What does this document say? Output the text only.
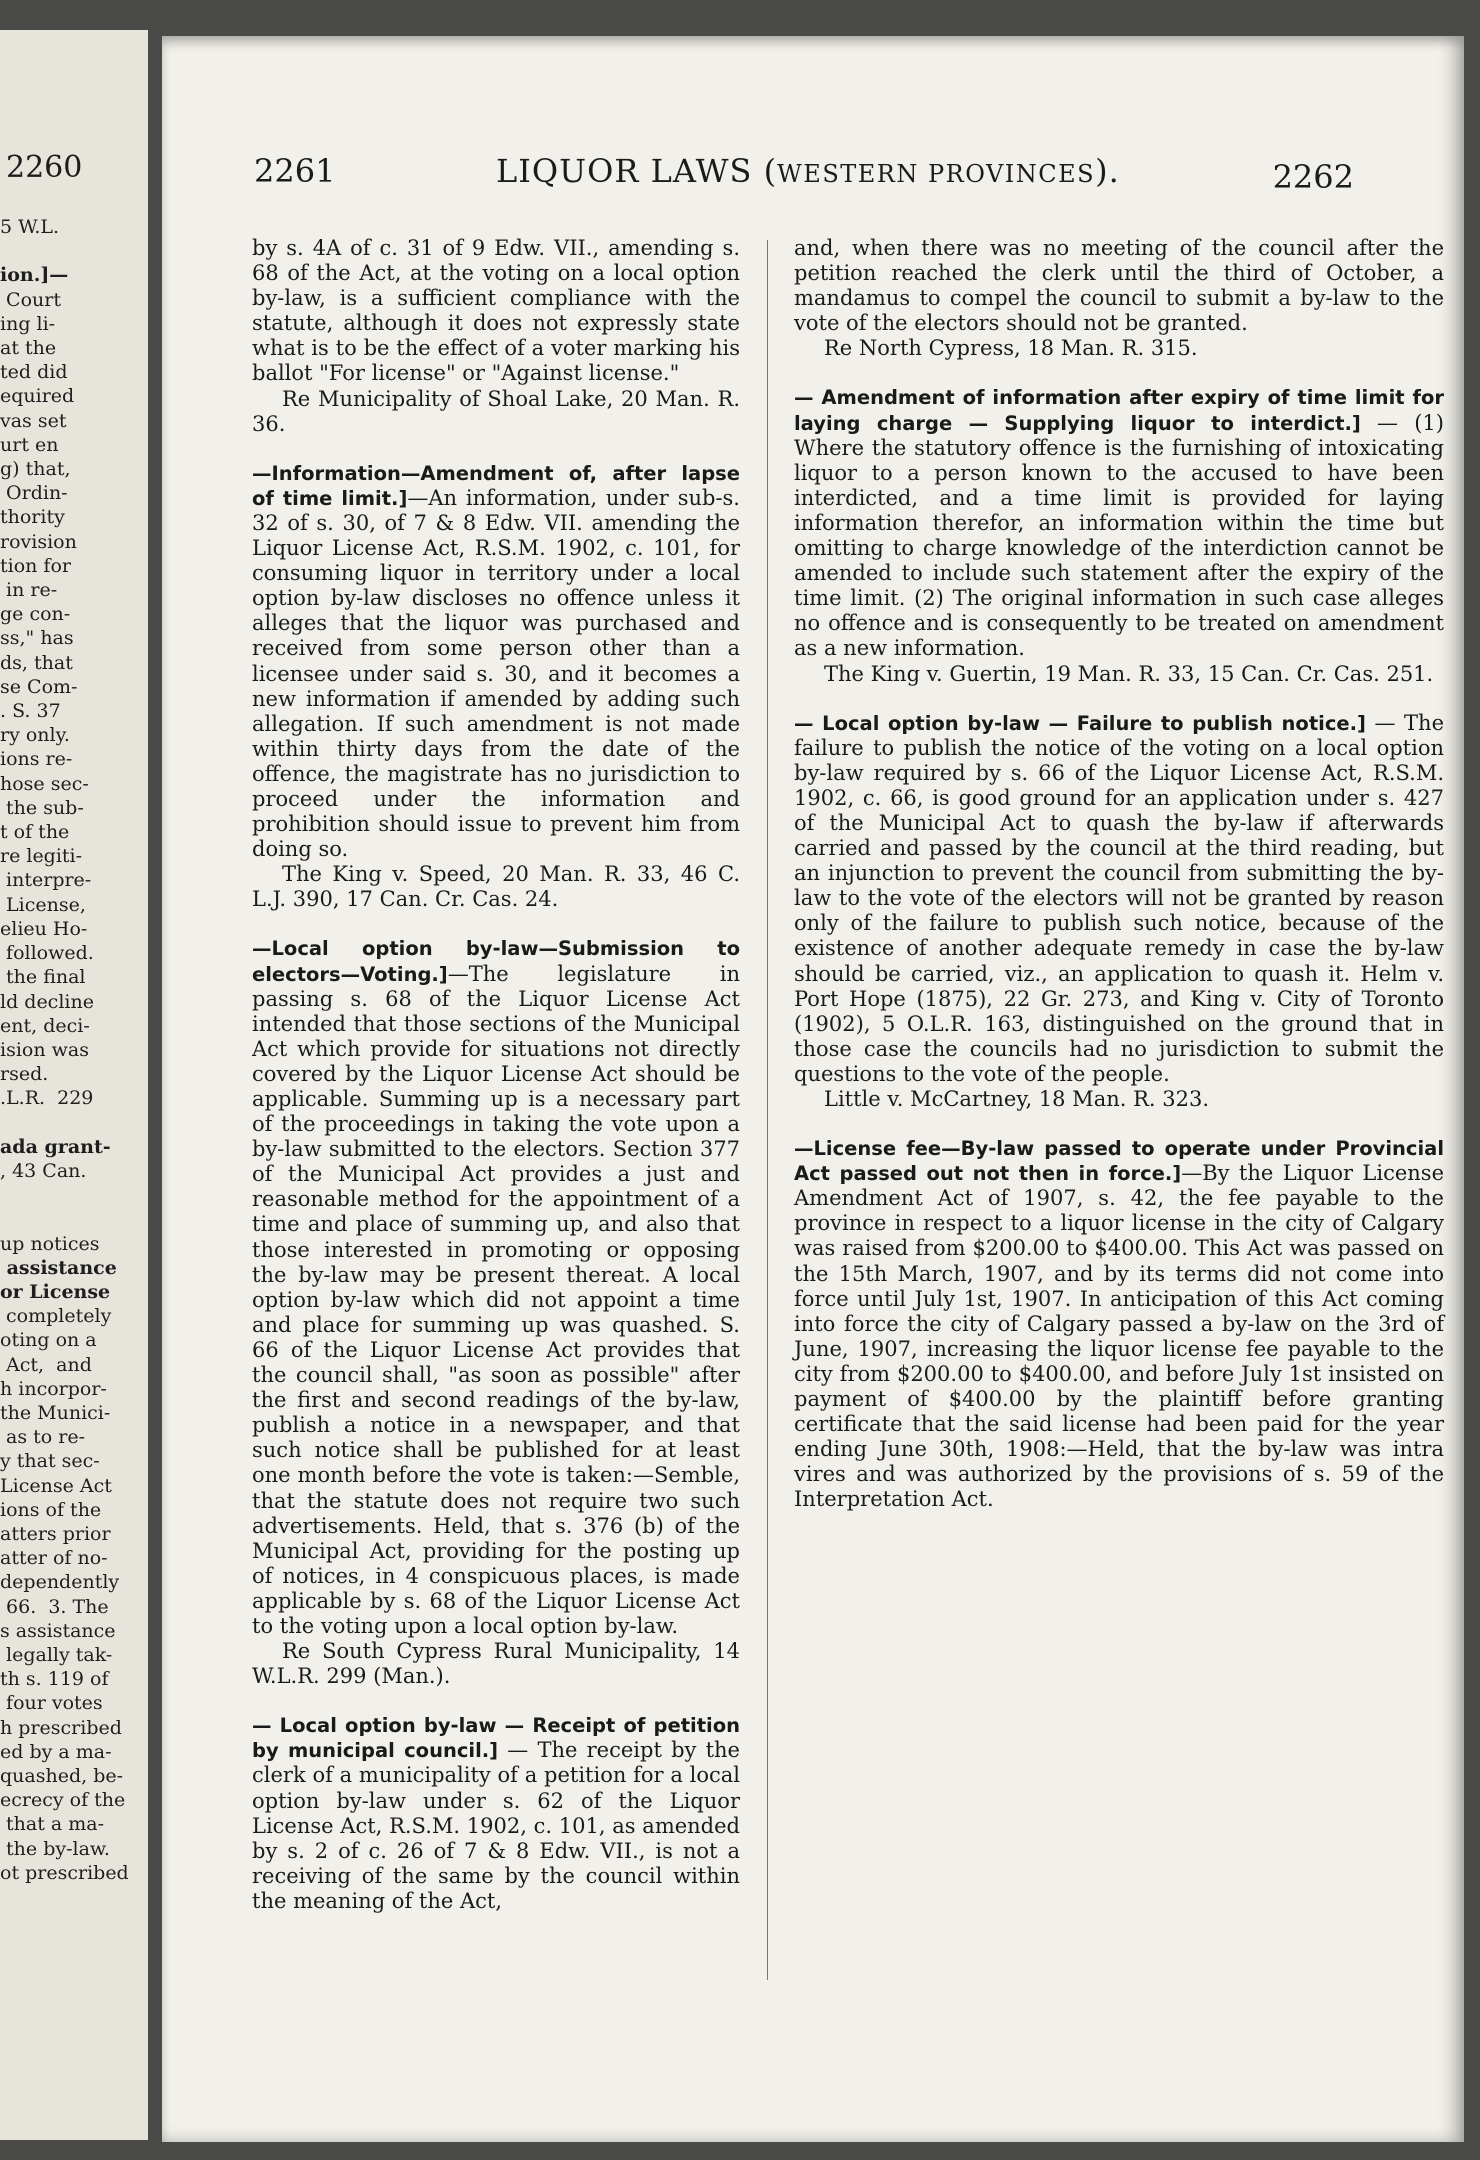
2260
5 W.L.

ion.]—
Court
ing li-
at the
ted did
equired
vas set
urt en
g) that,
Ordin-
thority
rovision
tion for
in re-
ge con-
ss," has
ds, that
se Com-
. S. 37
ry only.
ions re-
hose sec-
the sub-
t of the
re legiti-
interpre-
License,
elieu Ho-
followed.
the final
ld decline
ent, deci-
ision was
rsed.
.L.R.  229

ada grant-
, 43 Can.

up notices
assistance
or License
completely
oting on a
Act,  and
h incorpor-
the Munici-
as to re-
y that sec-
License Act
ions of the
atters prior
atter of no-
dependently
66.  3. The
s assistance
legally tak-
th s. 119 of
four votes
h prescribed
ed by a ma-
quashed, be-
ecrecy of the
that a ma-
the by-law.
ot prescribed
2261	LIQUOR LAWS (WESTERN PROVINCES).	2262

by s. 4A of c. 31 of 9 Edw. VII., amending s. 68 of the Act, at the voting on a local option by-law, is a sufficient compliance with the statute, although it does not expressly state what is to be the effect of a voter marking his ballot "For license" or "Against license."

Re Municipality of Shoal Lake, 20 Man. R. 36.

—Information—Amendment of, after lapse of time limit.]—An information, under sub-s. 32 of s. 30, of 7 & 8 Edw. VII. amending the Liquor License Act, R.S.M. 1902, c. 101, for consuming liquor in territory under a local option by-law discloses no offence unless it alleges that the liquor was purchased and received from some person other than a licensee under said s. 30, and it becomes a new information if amended by adding such allegation. If such amendment is not made within thirty days from the date of the offence, the magistrate has no jurisdiction to proceed under the information and prohibition should issue to prevent him from doing so.

The King v. Speed, 20 Man. R. 33, 46 C. L.J. 390, 17 Can. Cr. Cas. 24.

—Local option by-law—Submission to electors—Voting.]—The legislature in passing s. 68 of the Liquor License Act intended that those sections of the Municipal Act which provide for situations not directly covered by the Liquor License Act should be applicable. Summing up is a necessary part of the proceedings in taking the vote upon a by-law submitted to the electors. Section 377 of the Municipal Act provides a just and reasonable method for the appointment of a time and place of summing up, and also that those interested in promoting or opposing the by-law may be present thereat. A local option by-law which did not appoint a time and place for summing up was quashed. S. 66 of the Liquor License Act provides that the council shall, "as soon as possible" after the first and second readings of the by-law, publish a notice in a newspaper, and that such notice shall be published for at least one month before the vote is taken:—Semble, that the statute does not require two such advertisements. Held, that s. 376 (b) of the Municipal Act, providing for the posting up of notices, in 4 conspicuous places, is made applicable by s. 68 of the Liquor License Act to the voting upon a local option by-law.

Re South Cypress Rural Municipality, 14 W.L.R. 299 (Man.).

— Local option by-law — Receipt of petition by municipal council.] — The receipt by the clerk of a municipality of a petition for a local option by-law under s. 62 of the Liquor License Act, R.S.M. 1902, c. 101, as amended by s. 2 of c. 26 of 7 & 8 Edw. VII., is not a receiving of the same by the council within the meaning of the Act,

and, when there was no meeting of the council after the petition reached the clerk until the third of October, a mandamus to compel the council to submit a by-law to the vote of the electors should not be granted.

Re North Cypress, 18 Man. R. 315.

— Amendment of information after expiry of time limit for laying charge — Supplying liquor to interdict.] — (1) Where the statutory offence is the furnishing of intoxicating liquor to a person known to the accused to have been interdicted, and a time limit is provided for laying information therefor, an information within the time but omitting to charge knowledge of the interdiction cannot be amended to include such statement after the expiry of the time limit. (2) The original information in such case alleges no offence and is consequently to be treated on amendment as a new information.

The King v. Guertin, 19 Man. R. 33, 15 Can. Cr. Cas. 251.

— Local option by-law — Failure to publish notice.] — The failure to publish the notice of the voting on a local option by-law required by s. 66 of the Liquor License Act, R.S.M. 1902, c. 66, is good ground for an application under s. 427 of the Municipal Act to quash the by-law if afterwards carried and passed by the council at the third reading, but an injunction to prevent the council from submitting the by-law to the vote of the electors will not be granted by reason only of the failure to publish such notice, because of the existence of another adequate remedy in case the by-law should be carried, viz., an application to quash it. Helm v. Port Hope (1875), 22 Gr. 273, and King v. City of Toronto (1902), 5 O.L.R. 163, distinguished on the ground that in those case the councils had no jurisdiction to submit the questions to the vote of the people.

Little v. McCartney, 18 Man. R. 323.

—License fee—By-law passed to operate under Provincial Act passed out not then in force.]—By the Liquor License Amendment Act of 1907, s. 42, the fee payable to the province in respect to a liquor license in the city of Calgary was raised from $200.00 to $400.00. This Act was passed on the 15th March, 1907, and by its terms did not come into force until July 1st, 1907. In anticipation of this Act coming into force the city of Calgary passed a by-law on the 3rd of June, 1907, increasing the liquor license fee payable to the city from $200.00 to $400.00, and before July 1st insisted on payment of $400.00 by the plaintiff before granting certificate that the said license had been paid for the year ending June 30th, 1908:—Held, that the by-law was intra vires and was authorized by the provisions of s. 59 of the Interpretation Act.
